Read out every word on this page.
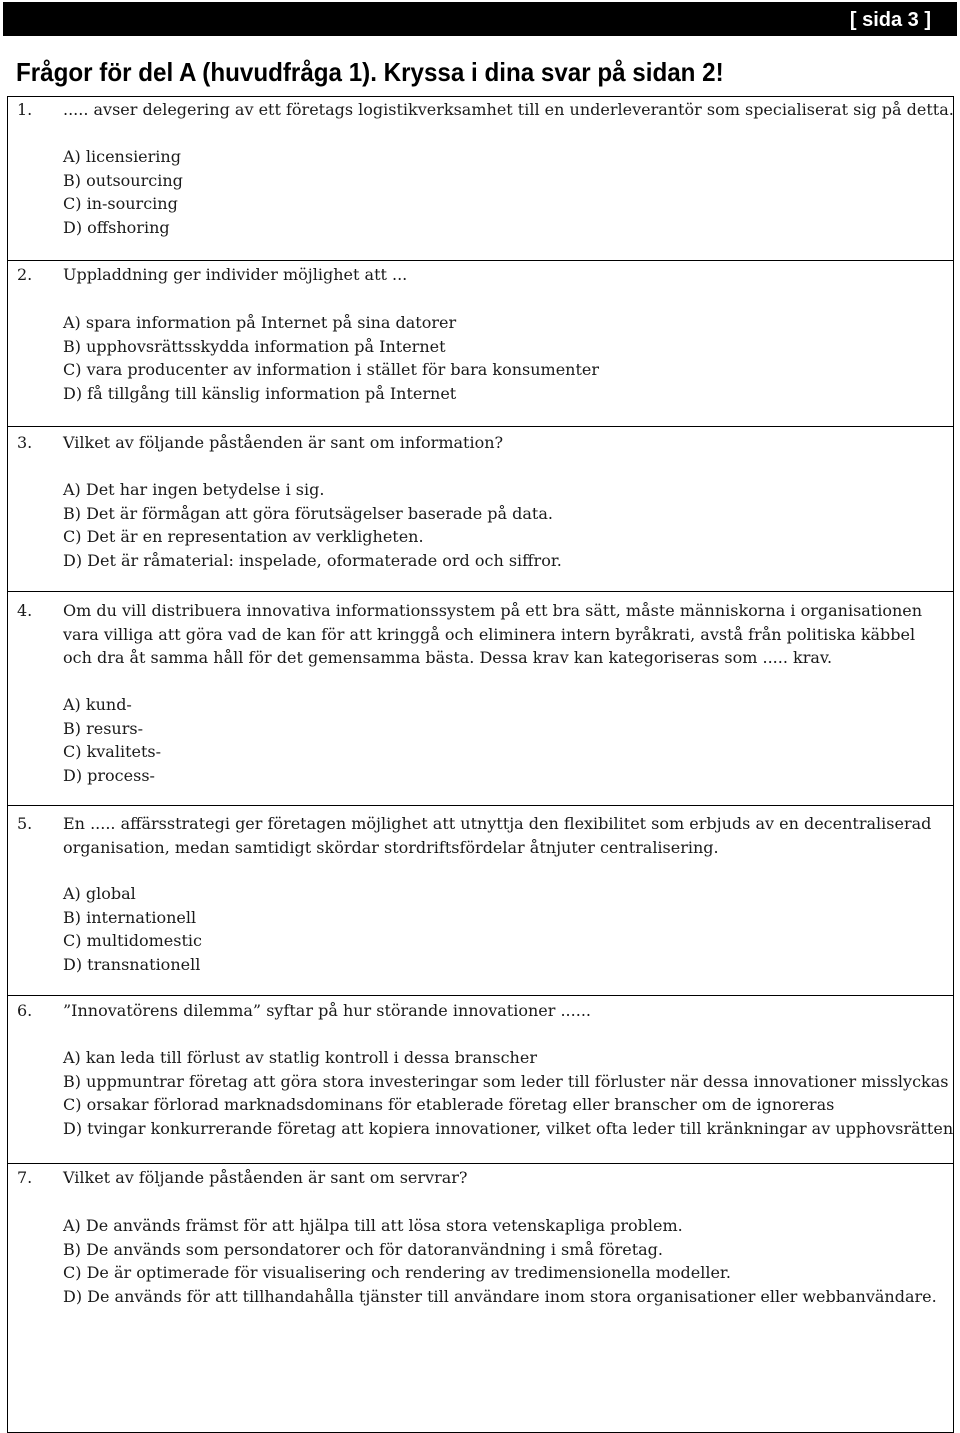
[ sida 3 ]
Frågor för del A (huvudfråga 1). Kryssa i dina svar på sidan 2!
1. ..... avser delegering av ett företags logistikverksamhet till en underleverantör som specialiserat sig på detta.
A) licensiering
B) outsourcing
C) in-sourcing
D) offshoring
2. Uppladdning ger individer möjlighet att ...
A) spara information på Internet på sina datorer
B) upphovsrättsskydda information på Internet
C) vara producenter av information i stället för bara konsumenter
D) få tillgång till känslig information på Internet
3. Vilket av följande påståenden är sant om information?
A) Det har ingen betydelse i sig.
B) Det är förmågan att göra förutsägelser baserade på data.
C) Det är en representation av verkligheten.
D) Det är råmaterial: inspelade, oformaterade ord och siffror.
4. Om du vill distribuera innovativa informationssystem på ett bra sätt, måste människorna i organisationen vara villiga att göra vad de kan för att kringgå och eliminera intern byråkrati, avstå från politiska käbbel och dra åt samma håll för det gemensamma bästa. Dessa krav kan kategoriseras som ..... krav.
A) kund-
B) resurs-
C) kvalitets-
D) process-
5. En ..... affärsstrategi ger företagen möjlighet att utnyttja den flexibilitet som erbjuds av en decentraliserad organisation, medan samtidigt skördar stordriftsfördelar åtnjuter centralisering.
A) global
B) internationell
C) multidomestic
D) transnationell
6. ”Innovatörens dilemma” syftar på hur störande innovationer ......
A) kan leda till förlust av statlig kontroll i dessa branscher
B) uppmuntrar företag att göra stora investeringar som leder till förluster när dessa innovationer misslyckas
C) orsakar förlorad marknadsdominans för etablerade företag eller branscher om de ignoreras
D) tvingar konkurrerande företag att kopiera innovationer, vilket ofta leder till kränkningar av upphovsrätten
7. Vilket av följande påståenden är sant om servrar?
A) De används främst för att hjälpa till att lösa stora vetenskapliga problem.
B) De används som persondatorer och för datoranvändning i små företag.
C) De är optimerade för visualisering och rendering av tredimensionella modeller.
D) De används för att tillhandahålla tjänster till användare inom stora organisationer eller webbanvändare.
